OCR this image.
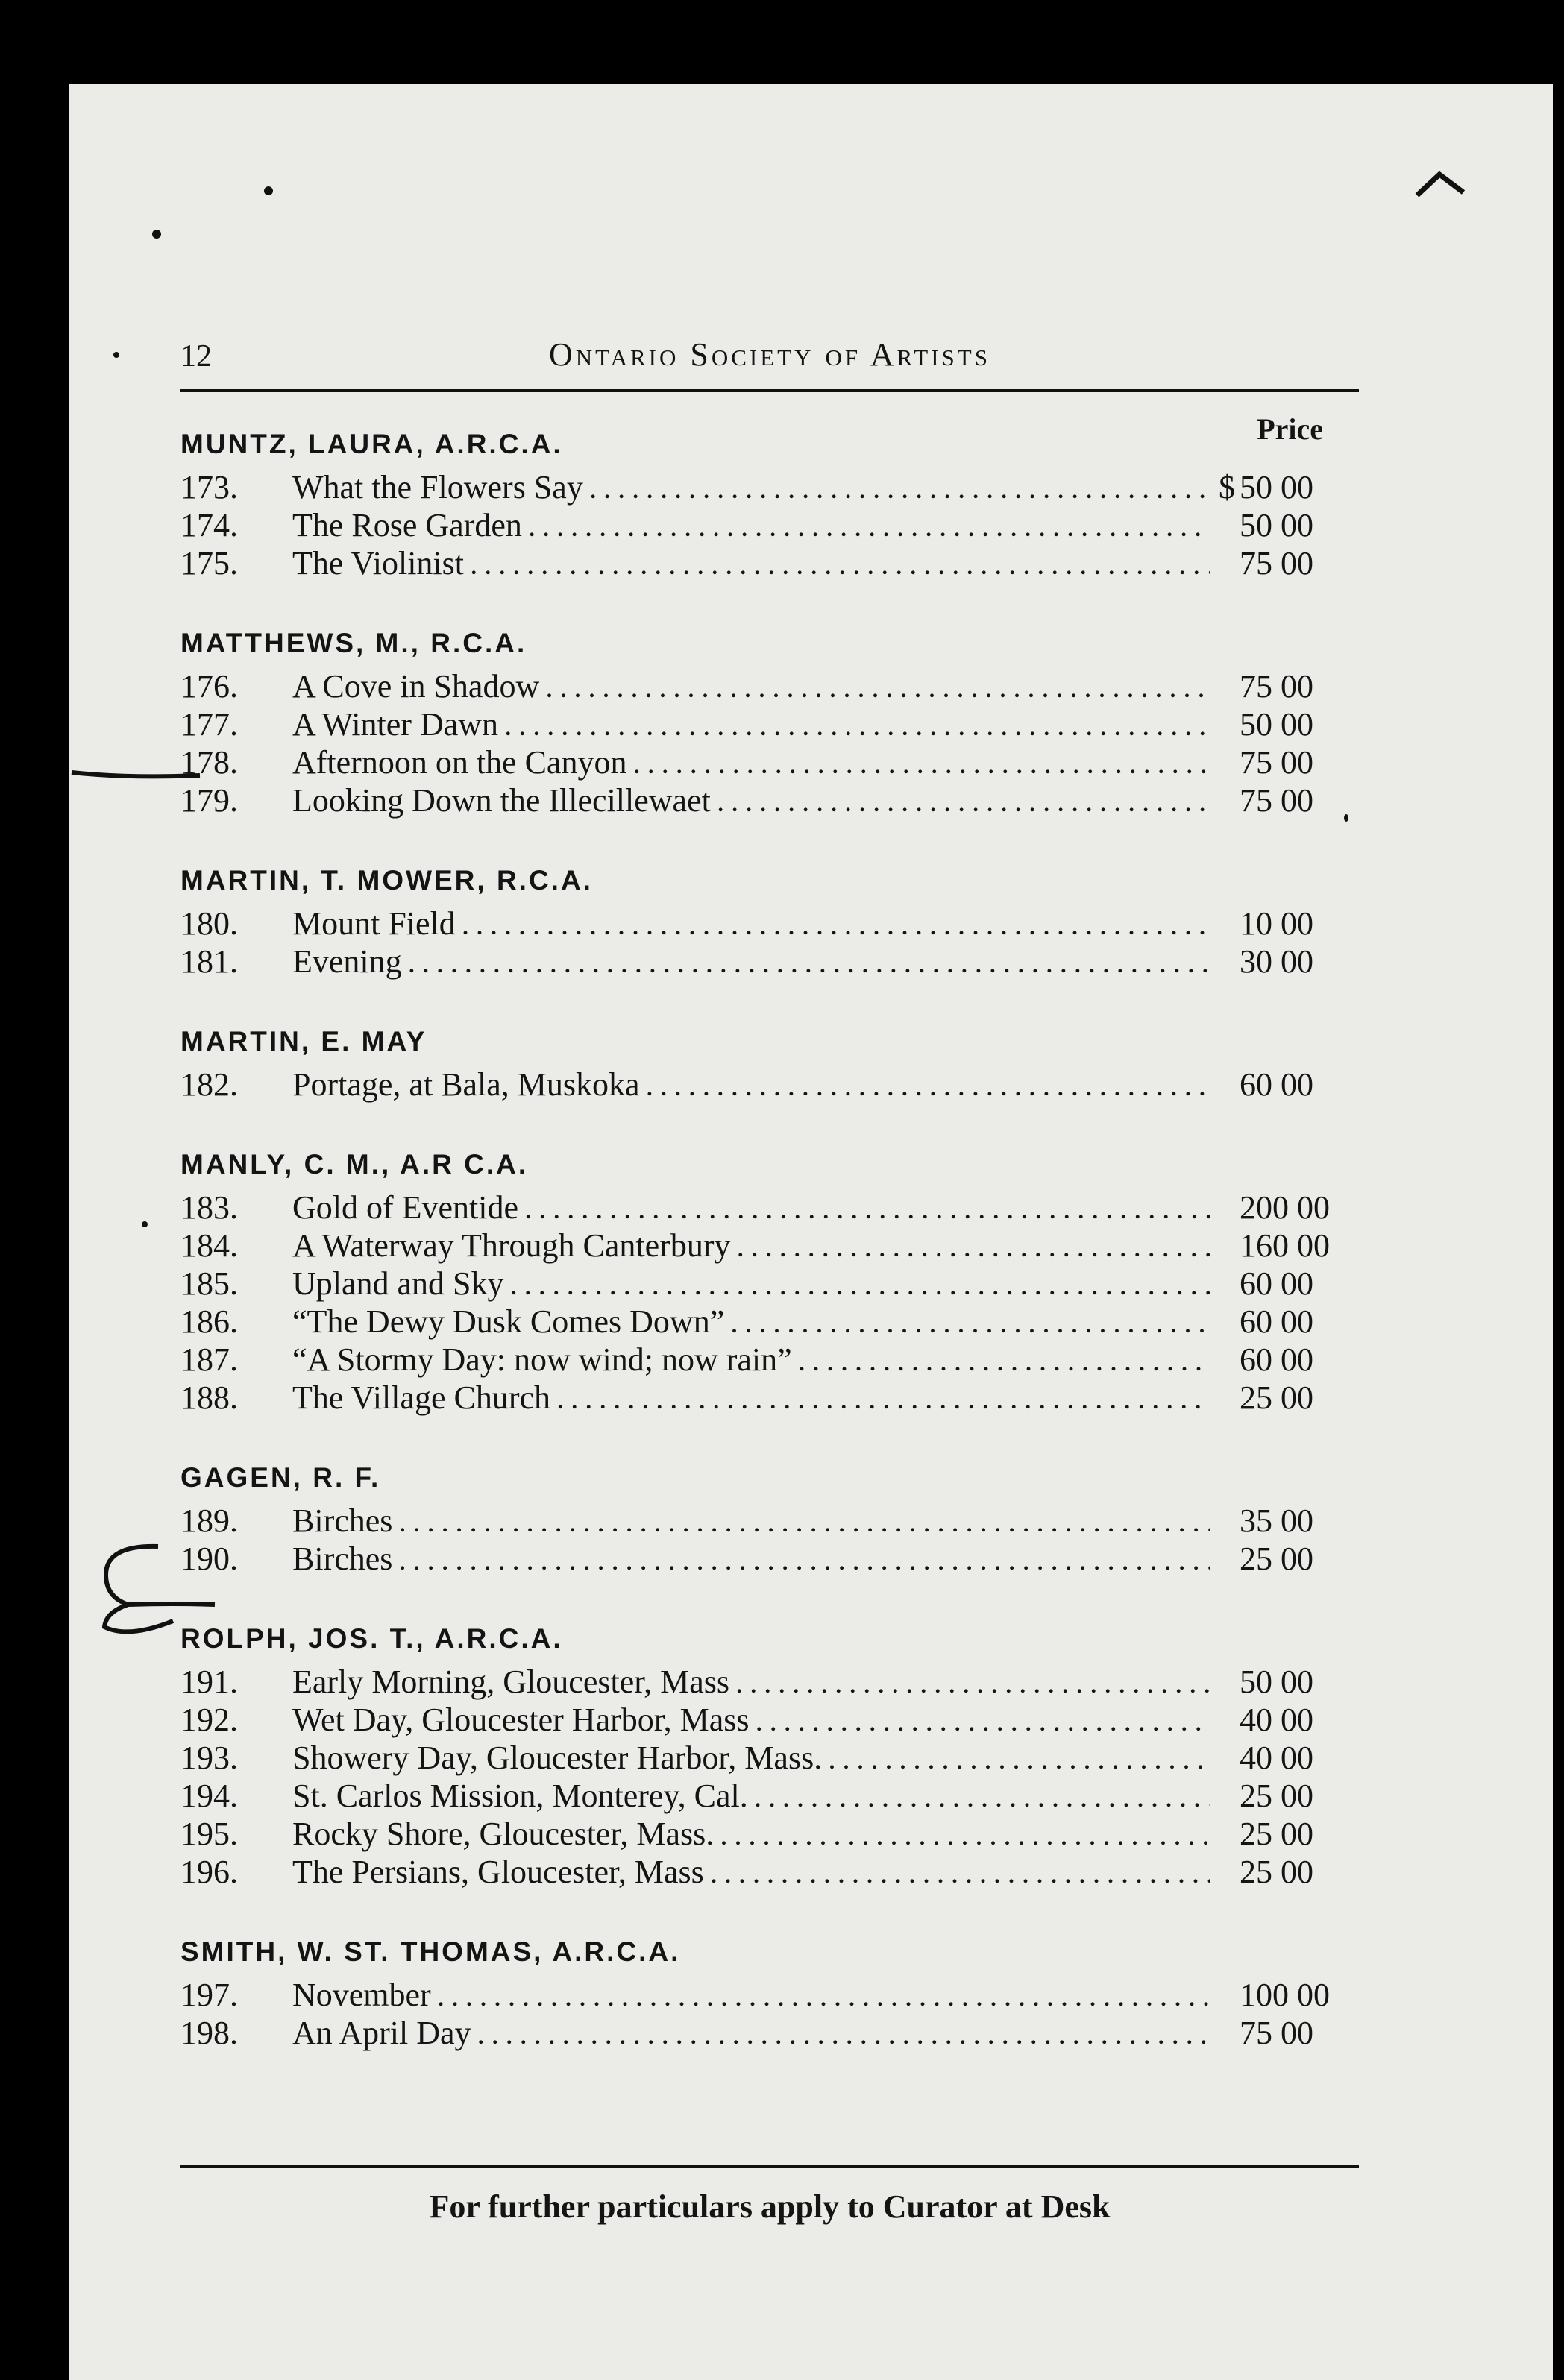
12	Ontario Society of Artists
Price
MUNTZ, LAURA, A.R.C.A.
173.	What the Flowers Say . . .	$ 50 00
174.	The Rose Garden . . .	50 00
175.	The Violinist . . .	75 00
MATTHEWS, M., R.C.A.
176.	A Cove in Shadow . . .	75 00
177.	A Winter Dawn . . .	50 00
178.	Afternoon on the Canyon . . .	75 00
179.	Looking Down the Illecillewaet . . .	75 00
MARTIN, T. MOWER, R.C.A.
180.	Mount Field . . .	10 00
181.	Evening . . .	30 00
MARTIN, E. MAY
182.	Portage, at Bala, Muskoka . . .	60 00
MANLY, C. M., A.R C.A.
183.	Gold of Eventide . . .	200 00
184.	A Waterway Through Canterbury . . .	160 00
185.	Upland and Sky . . .	60 00
186.	“The Dewy Dusk Comes Down” . . .	60 00
187.	“A Stormy Day: now wind; now rain” . . .	60 00
188.	The Village Church . . .	25 00
GAGEN, R. F.
189.	Birches . . .	35 00
190.	Birches . . .	25 00
ROLPH, JOS. T., A.R.C.A.
191.	Early Morning, Gloucester, Mass . . .	50 00
192.	Wet Day, Gloucester Harbor, Mass . . .	40 00
193.	Showery Day, Gloucester Harbor, Mass. . . .	40 00
194.	St. Carlos Mission, Monterey, Cal. . . .	25 00
195.	Rocky Shore, Gloucester, Mass. . . .	25 00
196.	The Persians, Gloucester, Mass . . .	25 00
SMITH, W. ST. THOMAS, A.R.C.A.
197.	November . . .	100 00
198.	An April Day . . .	75 00
For further particulars apply to Curator at Desk
